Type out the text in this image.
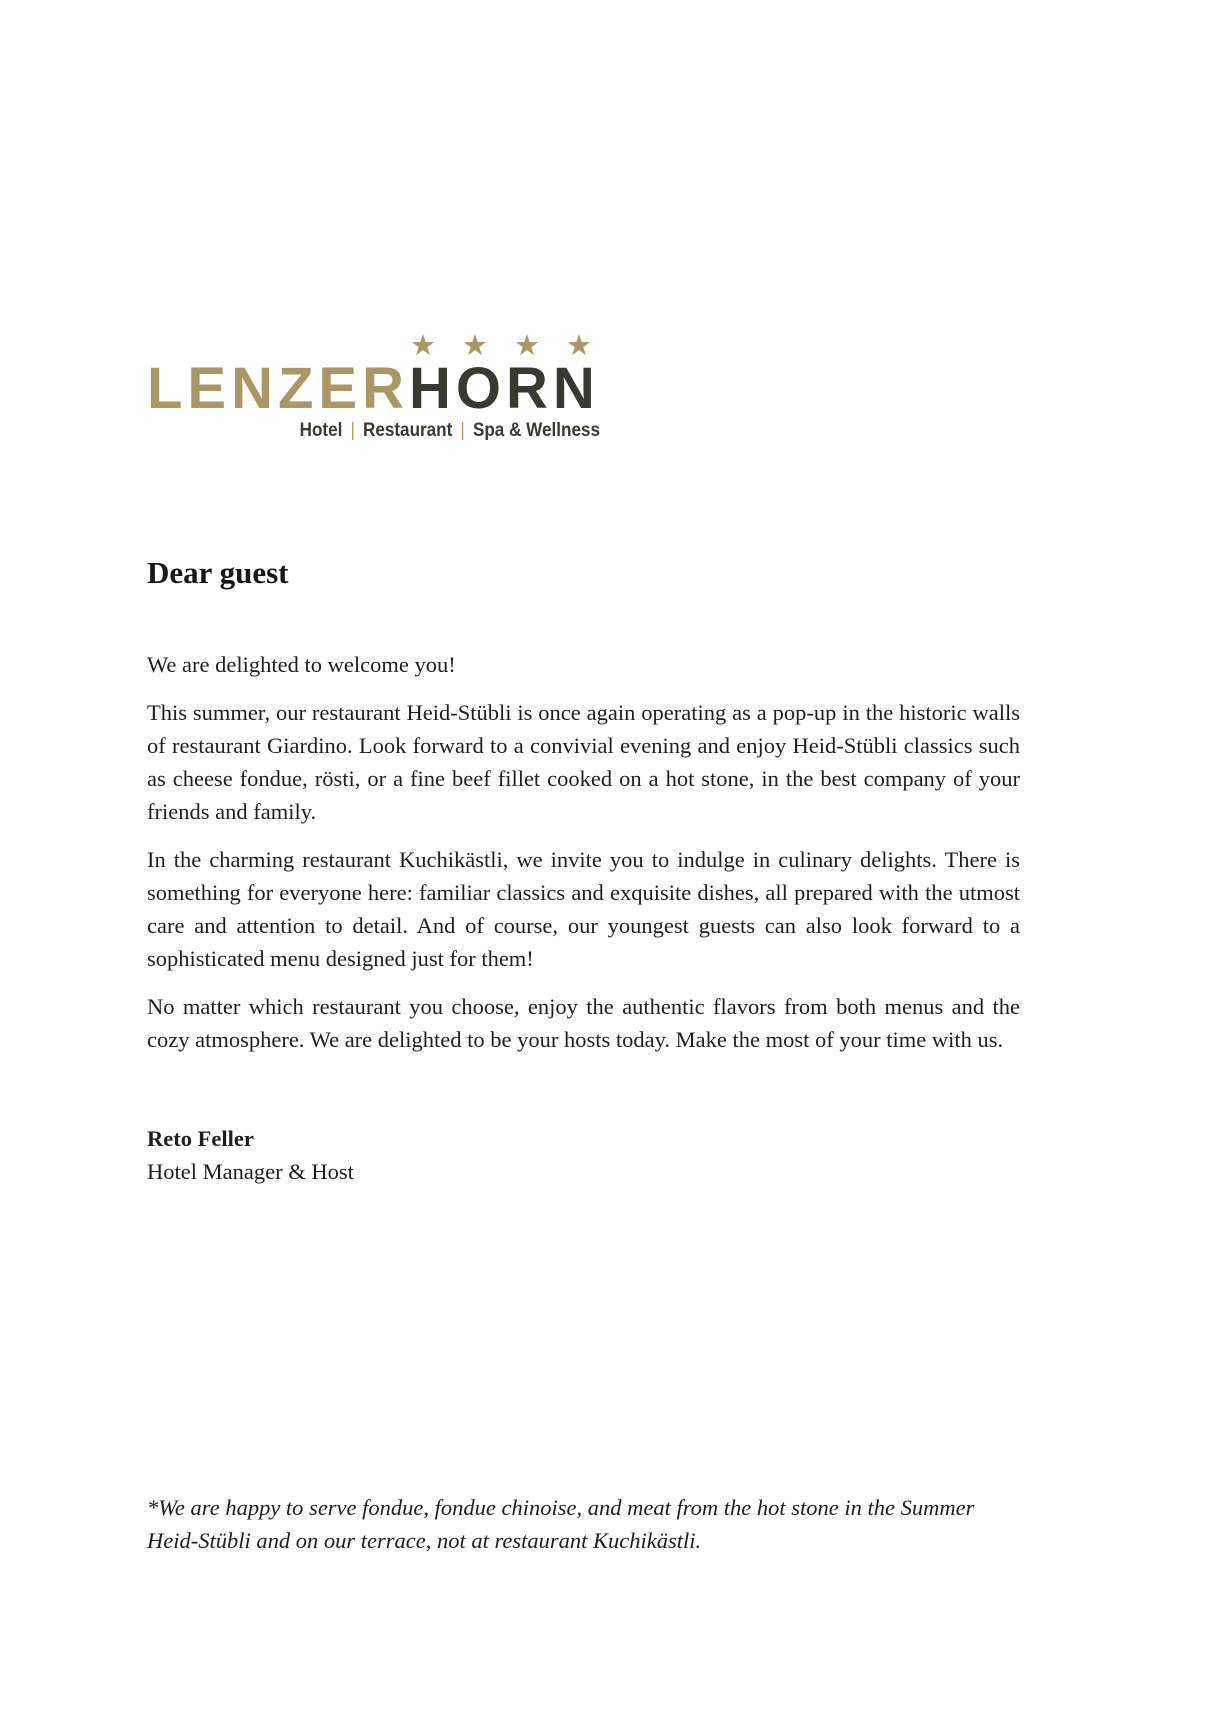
★ ★ ★ ★
LENZERHORN
Hotel | Restaurant | Spa & Wellness
Dear guest

We are delighted to welcome you!

This summer, our restaurant Heid-Stübli is once again operating as a pop-up in the historic walls of restaurant Giardino. Look forward to a convivial evening and enjoy Heid-Stübli classics such as cheese fondue, rösti, or a fine beef fillet cooked on a hot stone, in the best company of your friends and family.

In the charming restaurant Kuchikästli, we invite you to indulge in culinary delights. There is something for everyone here: familiar classics and exquisite dishes, all prepared with the utmost care and attention to detail. And of course, our youngest guests can also look forward to a sophisticated menu designed just for them!

No matter which restaurant you choose, enjoy the authentic flavors from both menus and the cozy atmosphere. We are delighted to be your hosts today. Make the most of your time with us.

Reto Feller
Hotel Manager & Host

*We are happy to serve fondue, fondue chinoise, and meat from the hot stone in the Summer Heid-Stübli and on our terrace, not at restaurant Kuchikästli.
